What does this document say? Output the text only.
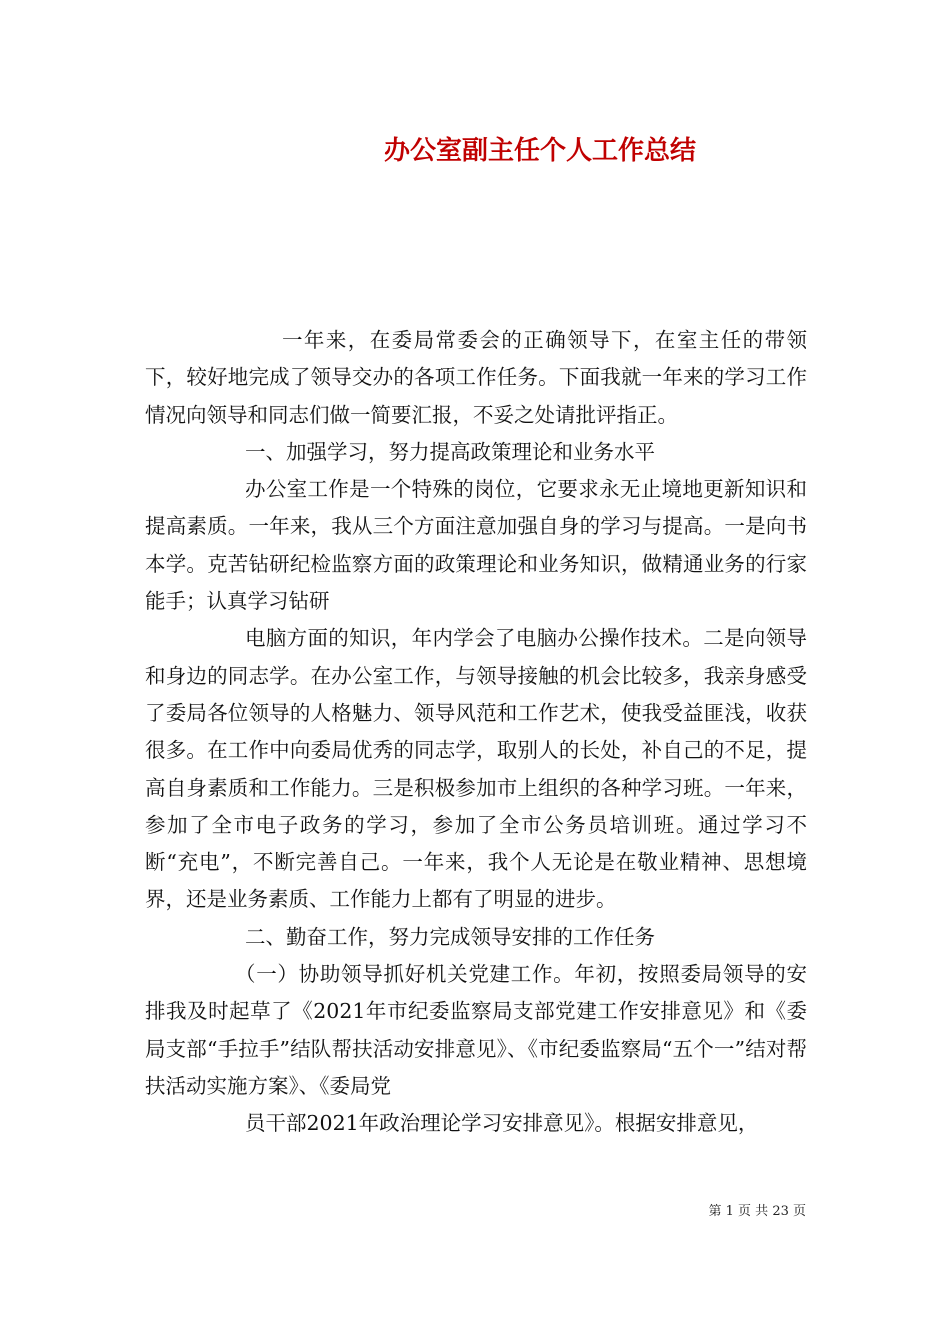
办公室副主任个人工作总结

一年来，在委局常委会的正确领导下，在室主任的带领下，较好地完成了领导交办的各项工作任务。下面我就一年来的学习工作情况向领导和同志们做一简要汇报，不妥之处请批评指正。

一、加强学习，努力提高政策理论和业务水平

办公室工作是一个特殊的岗位，它要求永无止境地更新知识和提高素质。一年来，我从三个方面注意加强自身的学习与提高。一是向书本学。克苦钻研纪检监察方面的政策理论和业务知识，做精通业务的行家能手；认真学习钻研

电脑方面的知识，年内学会了电脑办公操作技术。二是向领导和身边的同志学。在办公室工作，与领导接触的机会比较多，我亲身感受了委局各位领导的人格魅力、领导风范和工作艺术，使我受益匪浅，收获很多。在工作中向委局优秀的同志学，取别人的长处，补自己的不足，提高自身素质和工作能力。三是积极参加市上组织的各种学习班。一年来，参加了全市电子政务的学习，参加了全市公务员培训班。通过学习不断“充电”，不断完善自己。一年来，我个人无论是在敬业精神、思想境界，还是业务素质、工作能力上都有了明显的进步。

二、勤奋工作，努力完成领导安排的工作任务

（一）协助领导抓好机关党建工作。年初，按照委局领导的安排我及时起草了《2021年市纪委监察局支部党建工作安排意见》和《委局支部“手拉手”结队帮扶活动安排意见》、《市纪委监察局“五个一”结对帮扶活动实施方案》、《委局党

员干部2021年政治理论学习安排意见》。根据安排意见，

第 1 页 共 23 页
